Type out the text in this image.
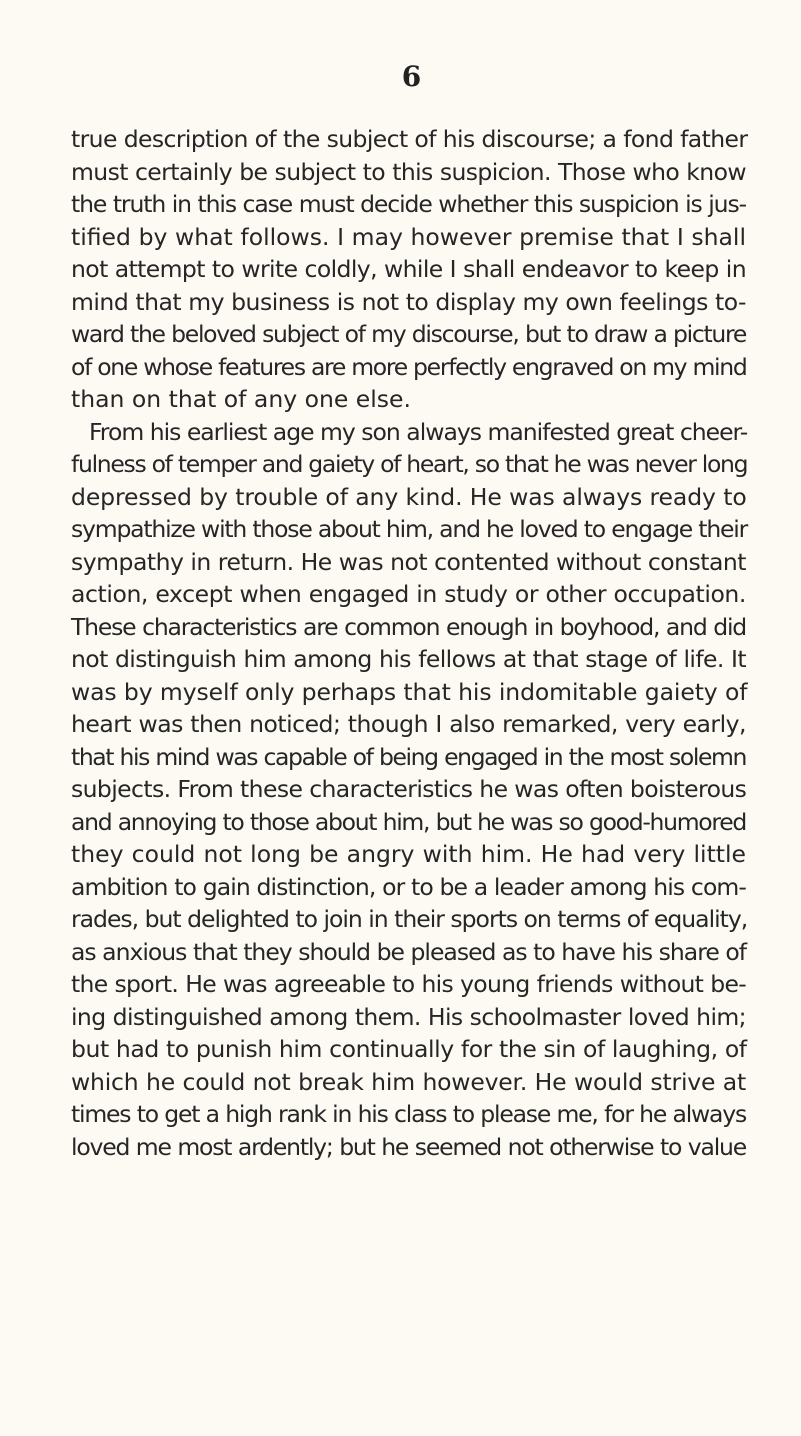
6
true description of the subject of his discourse; a fond father
must certainly be subject to this suspicion. Those who know
the truth in this case must decide whether this suspicion is jus-
tified by what follows. I may however premise that I shall
not attempt to write coldly, while I shall endeavor to keep in
mind that my business is not to display my own feelings to-
ward the beloved subject of my discourse, but to draw a picture
of one whose features are more perfectly engraved on my mind
than on that of any one else.
From his earliest age my son always manifested great cheer-
fulness of temper and gaiety of heart, so that he was never long
depressed by trouble of any kind. He was always ready to
sympathize with those about him, and he loved to engage their
sympathy in return. He was not contented without constant
action, except when engaged in study or other occupation.
These characteristics are common enough in boyhood, and did
not distinguish him among his fellows at that stage of life. It
was by myself only perhaps that his indomitable gaiety of
heart was then noticed; though I also remarked, very early,
that his mind was capable of being engaged in the most solemn
subjects. From these characteristics he was often boisterous
and annoying to those about him, but he was so good-humored
they could not long be angry with him. He had very little
ambition to gain distinction, or to be a leader among his com-
rades, but delighted to join in their sports on terms of equality,
as anxious that they should be pleased as to have his share of
the sport. He was agreeable to his young friends without be-
ing distinguished among them. His schoolmaster loved him;
but had to punish him continually for the sin of laughing, of
which he could not break him however. He would strive at
times to get a high rank in his class to please me, for he always
loved me most ardently; but he seemed not otherwise to value
